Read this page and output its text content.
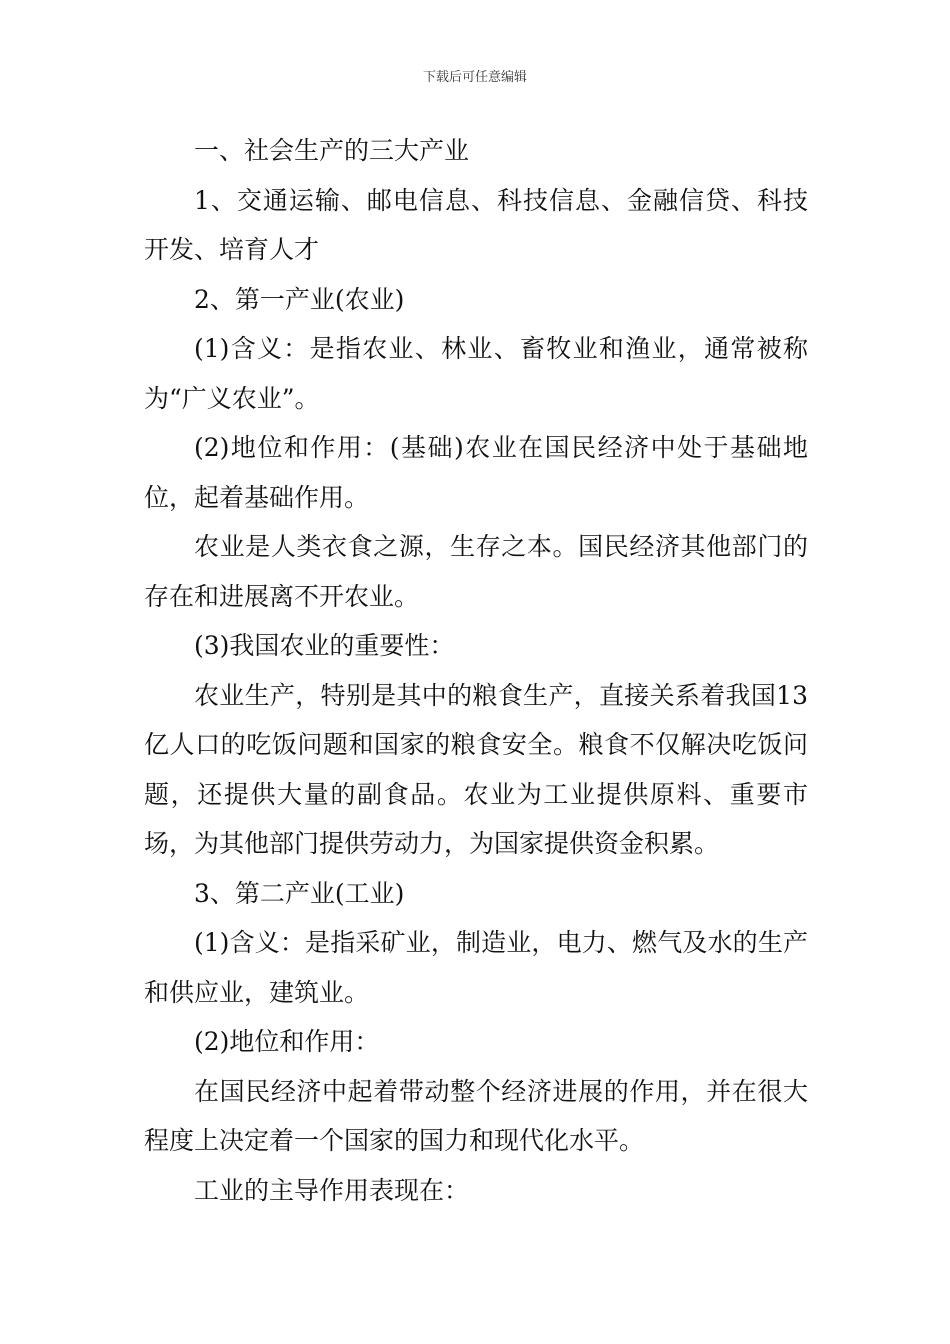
下载后可任意编辑

一、社会生产的三大产业

1、交通运输、邮电信息、科技信息、金融信贷、科技开发、培育人才

2、第一产业(农业)

(1)含义：是指农业、林业、畜牧业和渔业，通常被称为“广义农业”。

(2)地位和作用：(基础)农业在国民经济中处于基础地位，起着基础作用。

农业是人类衣食之源，生存之本。国民经济其他部门的存在和进展离不开农业。

(3)我国农业的重要性：

农业生产，特别是其中的粮食生产，直接关系着我国13亿人口的吃饭问题和国家的粮食安全。粮食不仅解决吃饭问题，还提供大量的副食品。农业为工业提供原料、重要市场，为其他部门提供劳动力，为国家提供资金积累。

3、第二产业(工业)

(1)含义：是指采矿业，制造业，电力、燃气及水的生产和供应业，建筑业。

(2)地位和作用：

在国民经济中起着带动整个经济进展的作用，并在很大程度上决定着一个国家的国力和现代化水平。

工业的主导作用表现在：
